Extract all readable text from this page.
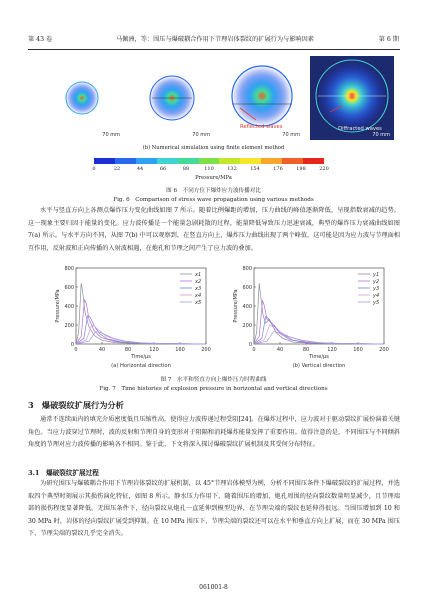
第 43 卷	马佩洲，等：围压与爆破耦合作用下节理岩体裂纹的扩展行为与影响因素	第 6 期
70 mm	70 mm
Reflected waves
70 mm
Diffracted waves
70 mm
(b) Numerical simulation using finite element method
0	22	44	66	88	110	132	154	176	198	220
Pressure/MPa
图 6　不同方位下爆炸应力波传播对比
Fig. 6　Comparison of stress wave propagation using various methods
水平与竖直方向上各测点爆炸压力变化曲线如图 7 所示。随着比例爆距的增加，压力曲线的峰值逐渐降低，呈现指数衰减的趋势。这一现象主要归因于能量的变化。应力波传播是一个能量急剧耗散的过程，能量降低导致压力迅速衰减，典型的爆炸压力衰减曲线如图 7(a) 所示。与水平方向不同，从图 7(b) 中可以观察到，在竖直方向上，爆炸压力曲线出现了两个峰值，这可能是因为应力波与节理面相互作用，反射波和正向传播的入射波相遇，在炮孔和节理之间产生了应力波的叠加。
0
200
400
600
800
0	40	80	120	160	200
Pressure/MPa
Time/μs
(a) Horizontal direction
x1
x2
x3
x4
x5
0
200
400
600
800
0	40	80	120	160	200
Pressure/MPa
Time/μs
(b) Vertical direction
y1
y2
y3
y4
y5
图 7　水平和竖直方向上爆炸压力时程曲线
Fig. 7　Time histories of explosion pressure in horizontal and vertical directions
3　爆破裂纹扩展行为分析
通常不连续面内的填充介质密度低且压缩性高，使得应力波传递过程受阻[24]。在爆炸过程中，应力波对于驱动裂纹扩展扮演着关键角色。当应力波穿过节理时，波的反射和节理自身的变形对于阻隔和消耗爆炸能量发挥了重要作用。值得注意的是，不同围压与不同倾斜角度的节理对应力波传播的影响各不相同。鉴于此，下文将深入探讨爆破裂纹扩展机制及其受何分布特征。
3.1　爆破裂纹扩展过程
为研究围压与爆破耦合作用下节理岩体裂纹的扩展机制，以 45°节理岩体模型为例，分析不同围压条件下爆破裂纹的扩展过程，并选取四个典型时刻展示其损伤演化特征，如图 8 所示。静水压力作用下，随着围压的增加，炮孔周围的径向裂纹数量明显减少，且节理端部的损伤程度显著降低。无围压条件下，径向裂纹从炮孔一直延伸到模型边界，在节理尖端的裂纹也延伸得很远。当围压增加到 10 和 30 MPa 时，岩体的径向裂纹扩展受到抑制。在 10 MPa 围压下，节理尖端的裂纹还可以在水平和垂直方向上扩展，而在 30 MPa 围压下，节理尖端的裂纹几乎完全消失。
061001-8
